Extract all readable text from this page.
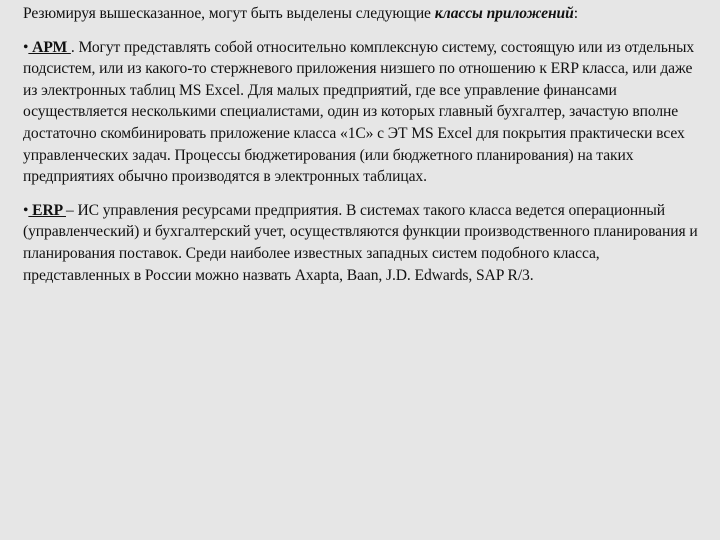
Резюмируя вышесказанное, могут быть выделены следующие классы приложений:

• АРМ . Могут представлять собой относительно комплексную систему, состоящую или из отдельных подсистем, или из какого-то стержневого приложения низшего по отношению к ERP класса, или даже из электронных таблиц MS Excel. Для малых предприятий, где все управление финансами осуществляется несколькими специалистами, один из которых главный бухгалтер, зачастую вполне достаточно скомбинировать приложение класса «1С» с ЭТ MS Excel для покрытия практически всех управленческих задач. Процессы бюджетирования (или бюджетного планирования) на таких предприятиях обычно производятся в электронных таблицах.

• ERP – ИС управления ресурсами предприятия. В системах такого класса ведется операционный (управленческий) и бухгалтерский учет, осуществляются функции производственного планирования и планирования поставок. Среди наиболее известных западных систем подобного класса, представленных в России можно назвать Axapta, Baan, J.D. Edwards, SAP R/3.
